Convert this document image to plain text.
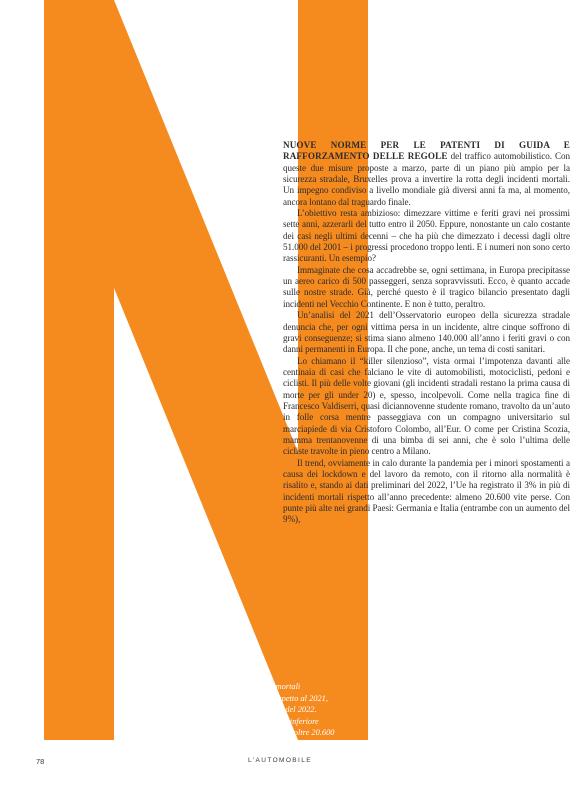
NUOVE NORME PER LE PATENTI DI GUIDA E RAFFORZAMENTO DELLE REGOLE del traffico automobilistico. Con queste due misure proposte a marzo, parte di un piano più ampio per la sicurezza stradale, Bruxelles prova a invertire la rotta degli incidenti mortali. Un impegno condiviso a livello mondiale già diversi anni fa ma, al momento, ancora lontano dal traguardo finale.

L’obiettivo resta ambizioso: dimezzare vittime e feriti gravi nei prossimi sette anni, azzerarli del tutto entro il 2050. Eppure, nonostante un calo costante dei casi negli ultimi decenni – che ha più che dimezzato i decessi dagli oltre 51.000 del 2001 – i progressi procedono troppo lenti. E i numeri non sono certo rassicuranti. Un esempio?

Immaginate che cosa accadrebbe se, ogni settimana, in Europa precipitasse un aereo carico di 500 passeggeri, senza sopravvissuti. Ecco, è quanto accade sulle nostre strade. Già, perché questo è il tragico bilancio presentato dagli incidenti nel Vecchio Continente. E non è tutto, peraltro.

Un’analisi del 2021 dell’Osservatorio europeo della sicurezza stradale denuncia che, per ogni vittima persa in un incidente, altre cinque soffrono di gravi conseguenze; si stima siano almeno 140.000 all’anno i feriti gravi o con danni permanenti in Europa. Il che pone, anche, un tema di costi sanitari.

Lo chiamano il “killer silenzioso”, vista ormai l’impotenza davanti alle centinaia di casi che falciano le vite di automobilisti, motociclisti, pedoni e ciclisti. Il più delle volte giovani (gli incidenti stradali restano la prima causa di morte per gli under 20) e, spesso, incolpevoli. Come nella tragica fine di Francesco Valdiserri, quasi diciannovenne studente romano, travolto da un’auto in folle corsa mentre passeggiava con un compagno universitario sul marciapiede di via Cristoforo Colombo, all’Eur. O come per Cristina Scozia, mamma trentanovenne di una bimba di sei anni, che è solo l’ultima delle cicliste travolte in pieno centro a Milano.

Il trend, ovviamente in calo durante la pandemia per i minori spostamenti a causa dei lockdown e del lavoro da remoto, con il ritorno alla normalità è risalito e, stando ai dati preliminari del 2022, l’Ue ha registrato il 3% in più di incidenti mortali rispetto all’anno precedente: almeno 20.600 vite perse. Con punte più alte nei grandi Paesi: Germania e Italia (entrambe con un aumento del 9%),

+3%
Il numero di incidenti mortali
sulle strade europee, rispetto al 2021,
stando ai dati provvisori del 2022.
Il numero delle tragedie è inferiore
al 2019, ma le vittime sono oltre 20.600
78	L’AUTOMOBILE
